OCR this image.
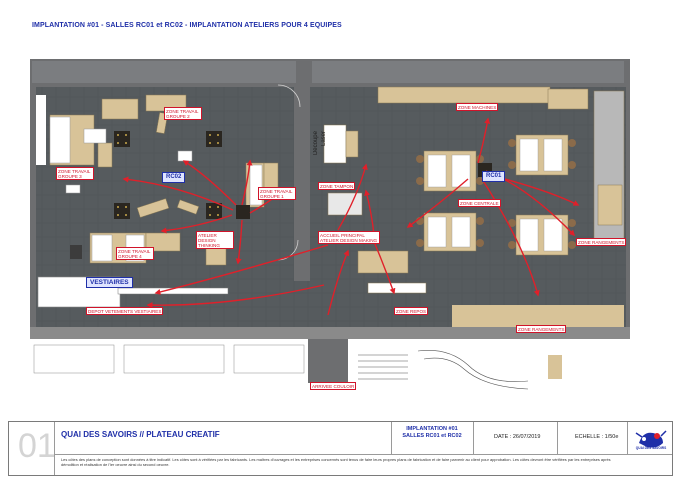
IMPLANTATION #01 - SALLES RC01 et RC02 - IMPLANTATION ATELIERS POUR 4 EQUIPES
RC02	RC01
VESTIAIRES
Découpe Laser
ZONE TRAVAIL GROUPE 2
ZONE TRAVAIL GROUPE 3
ZONE TRAVAIL GROUPE 1
ZONE TRAVAIL GROUPE 4
ATELIER DESIGN THINKING
ZONE MACHINES
ZONE TAMPON
ACCUEIL PRINCIPAL ATELIER DESIGN MAKING
ZONE CENTRALE
ZONE RANGEMENTS
ZONE RANGEMENTS
ZONE REPOS
DEPOT VETEMENTS VESTIAIRES
ARRIVEE COULOIR
01 QUAI DES SAVOIRS // PLATEAU CREATIF
IMPLANTATION #01
SALLES RC01 et RC02	DATE : 26/07/2019	ECHELLE : 1/50e
Les côtes des plans de conception sont données à titre indicatif. Les côtes sont à vérifiées par les fabricants. Les maîtres d'ouvrages et les entreprises concernés sont tenus de faire leurs propres plans de fabrication et de faire parvenir au client pour approbation. Les côtes devront être vérifiées par les entreprises après démolition et réalisation de l'ler oeuvre ainsi du second oeuvre.
QUAI DES SAVOIRS
